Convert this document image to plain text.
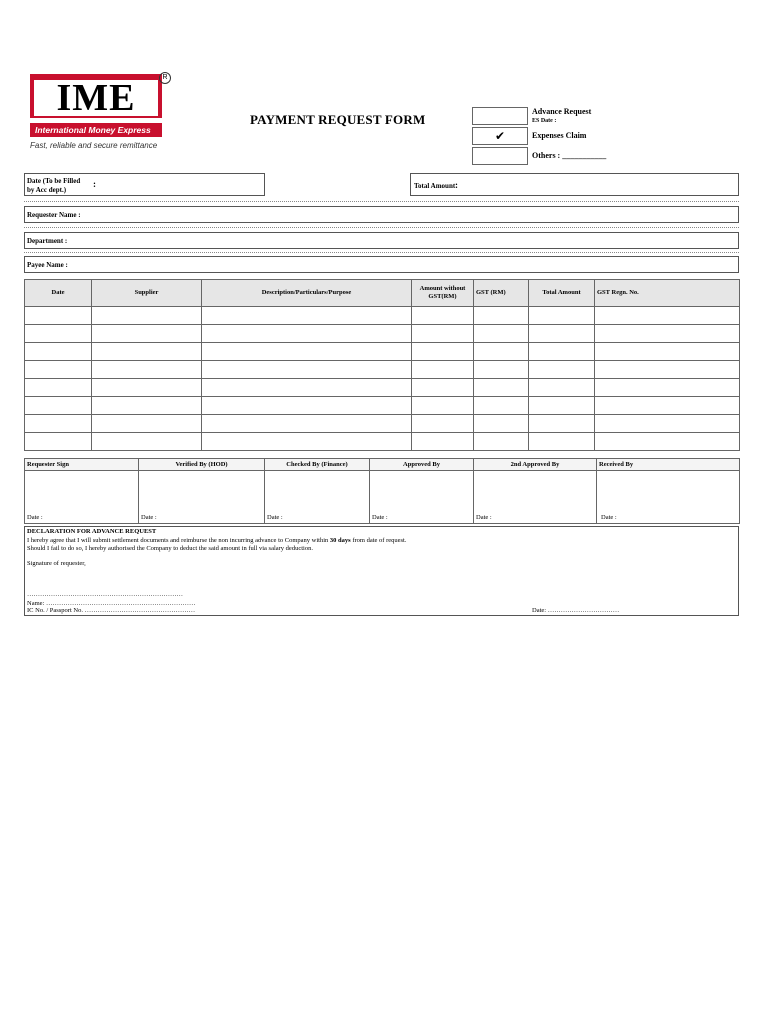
IME
International Money Express
Fast, reliable and secure remittance
R
PAYMENT REQUEST FORM
Advance Request
ES Date :
✔	Expenses Claim
Others : ___________
Date (To be Filled by Acc dept.)
:	Total Amount :
Requester Name :
Department :
Payee Name :
Date	Supplier	Description/Particulars/Purpose	Amount without GST(RM)	GST (RM)	Total Amount	GST Regn. No.

Requester Sign	Verified By (HOD)	Checked By (Finance)	Approved By	2nd Approved By	Received By

Date :	Date :	Date :	Date :	Date :	Date :
DECLARATION FOR ADVANCE REQUEST
I hereby agree that I will submit settlement documents and reimburse the non incurring advance to Company within 30 days from date of request.
Should I fail to do so, I hereby authorised the Company to deduct the said amount in full via salary deduction.
Signature of requester,
………………………………………………………………
Name: ……………………………………………………………
IC No. / Passport No. ……………………………………………	Date: ……………………………
